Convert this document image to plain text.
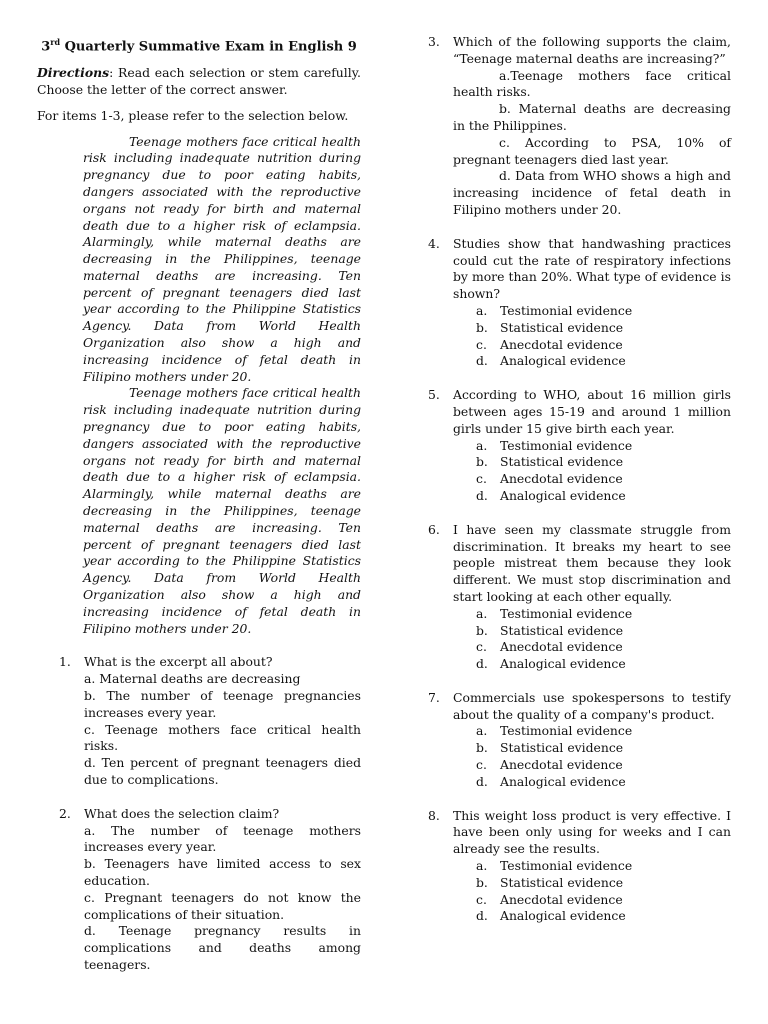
3rd Quarterly Summative Exam in English 9
Directions: Read each selection or stem carefully. Choose the letter of the correct answer.
For items 1-3, please refer to the selection below.

Teenage mothers face critical health risk including inadequate nutrition during pregnancy due to poor eating habits, dangers associated with the reproductive organs not ready for birth and maternal death due to a higher risk of eclampsia. Alarmingly, while maternal deaths are decreasing in the Philippines, teenage maternal deaths are increasing. Ten percent of pregnant teenagers died last year according to the Philippine Statistics Agency. Data from World Health Organization also show a high and increasing incidence of fetal death in Filipino mothers under 20.

Teenage mothers face critical health risk including inadequate nutrition during pregnancy due to poor eating habits, dangers associated with the reproductive organs not ready for birth and maternal death due to a higher risk of eclampsia. Alarmingly, while maternal deaths are decreasing in the Philippines, teenage maternal deaths are increasing. Ten percent of pregnant teenagers died last year according to the Philippine Statistics Agency. Data from World Health Organization also show a high and increasing incidence of fetal death in Filipino mothers under 20.

1. What is the excerpt all about?
a. Maternal deaths are decreasing
b. The number of teenage pregnancies increases every year.
c. Teenage mothers face critical health risks.
d. Ten percent of pregnant teenagers died due to complications.
2. What does the selection claim?
a. The number of teenage mothers increases every year.
b. Teenagers have limited access to sex education.
c. Pregnant teenagers do not know the complications of their situation.
d. Teenage pregnancy results in complications and deaths among teenagers.
3. Which of the following supports the claim, “Teenage maternal deaths are increasing?”
a.Teenage mothers face critical health risks.
b. Maternal deaths are decreasing in the Philippines.
c. According to PSA, 10% of pregnant teenagers died last year.
d. Data from WHO shows a high and increasing incidence of fetal death in Filipino mothers under 20.
4. Studies show that handwashing practices could cut the rate of respiratory infections by more than 20%. What type of evidence is shown?
a. Testimonial evidence
b. Statistical evidence
c. Anecdotal evidence
d. Analogical evidence
5. According to WHO, about 16 million girls between ages 15-19 and around 1 million girls under 15 give birth each year.
a. Testimonial evidence
b. Statistical evidence
c. Anecdotal evidence
d. Analogical evidence
6. I have seen my classmate struggle from discrimination. It breaks my heart to see people mistreat them because they look different. We must stop discrimination and start looking at each other equally.
a. Testimonial evidence
b. Statistical evidence
c. Anecdotal evidence
d. Analogical evidence
7. Commercials use spokespersons to testify about the quality of a company's product.
a. Testimonial evidence
b. Statistical evidence
c. Anecdotal evidence
d. Analogical evidence
8. This weight loss product is very effective. I have been only using for weeks and I can already see the results.
a. Testimonial evidence
b. Statistical evidence
c. Anecdotal evidence
d. Analogical evidence
